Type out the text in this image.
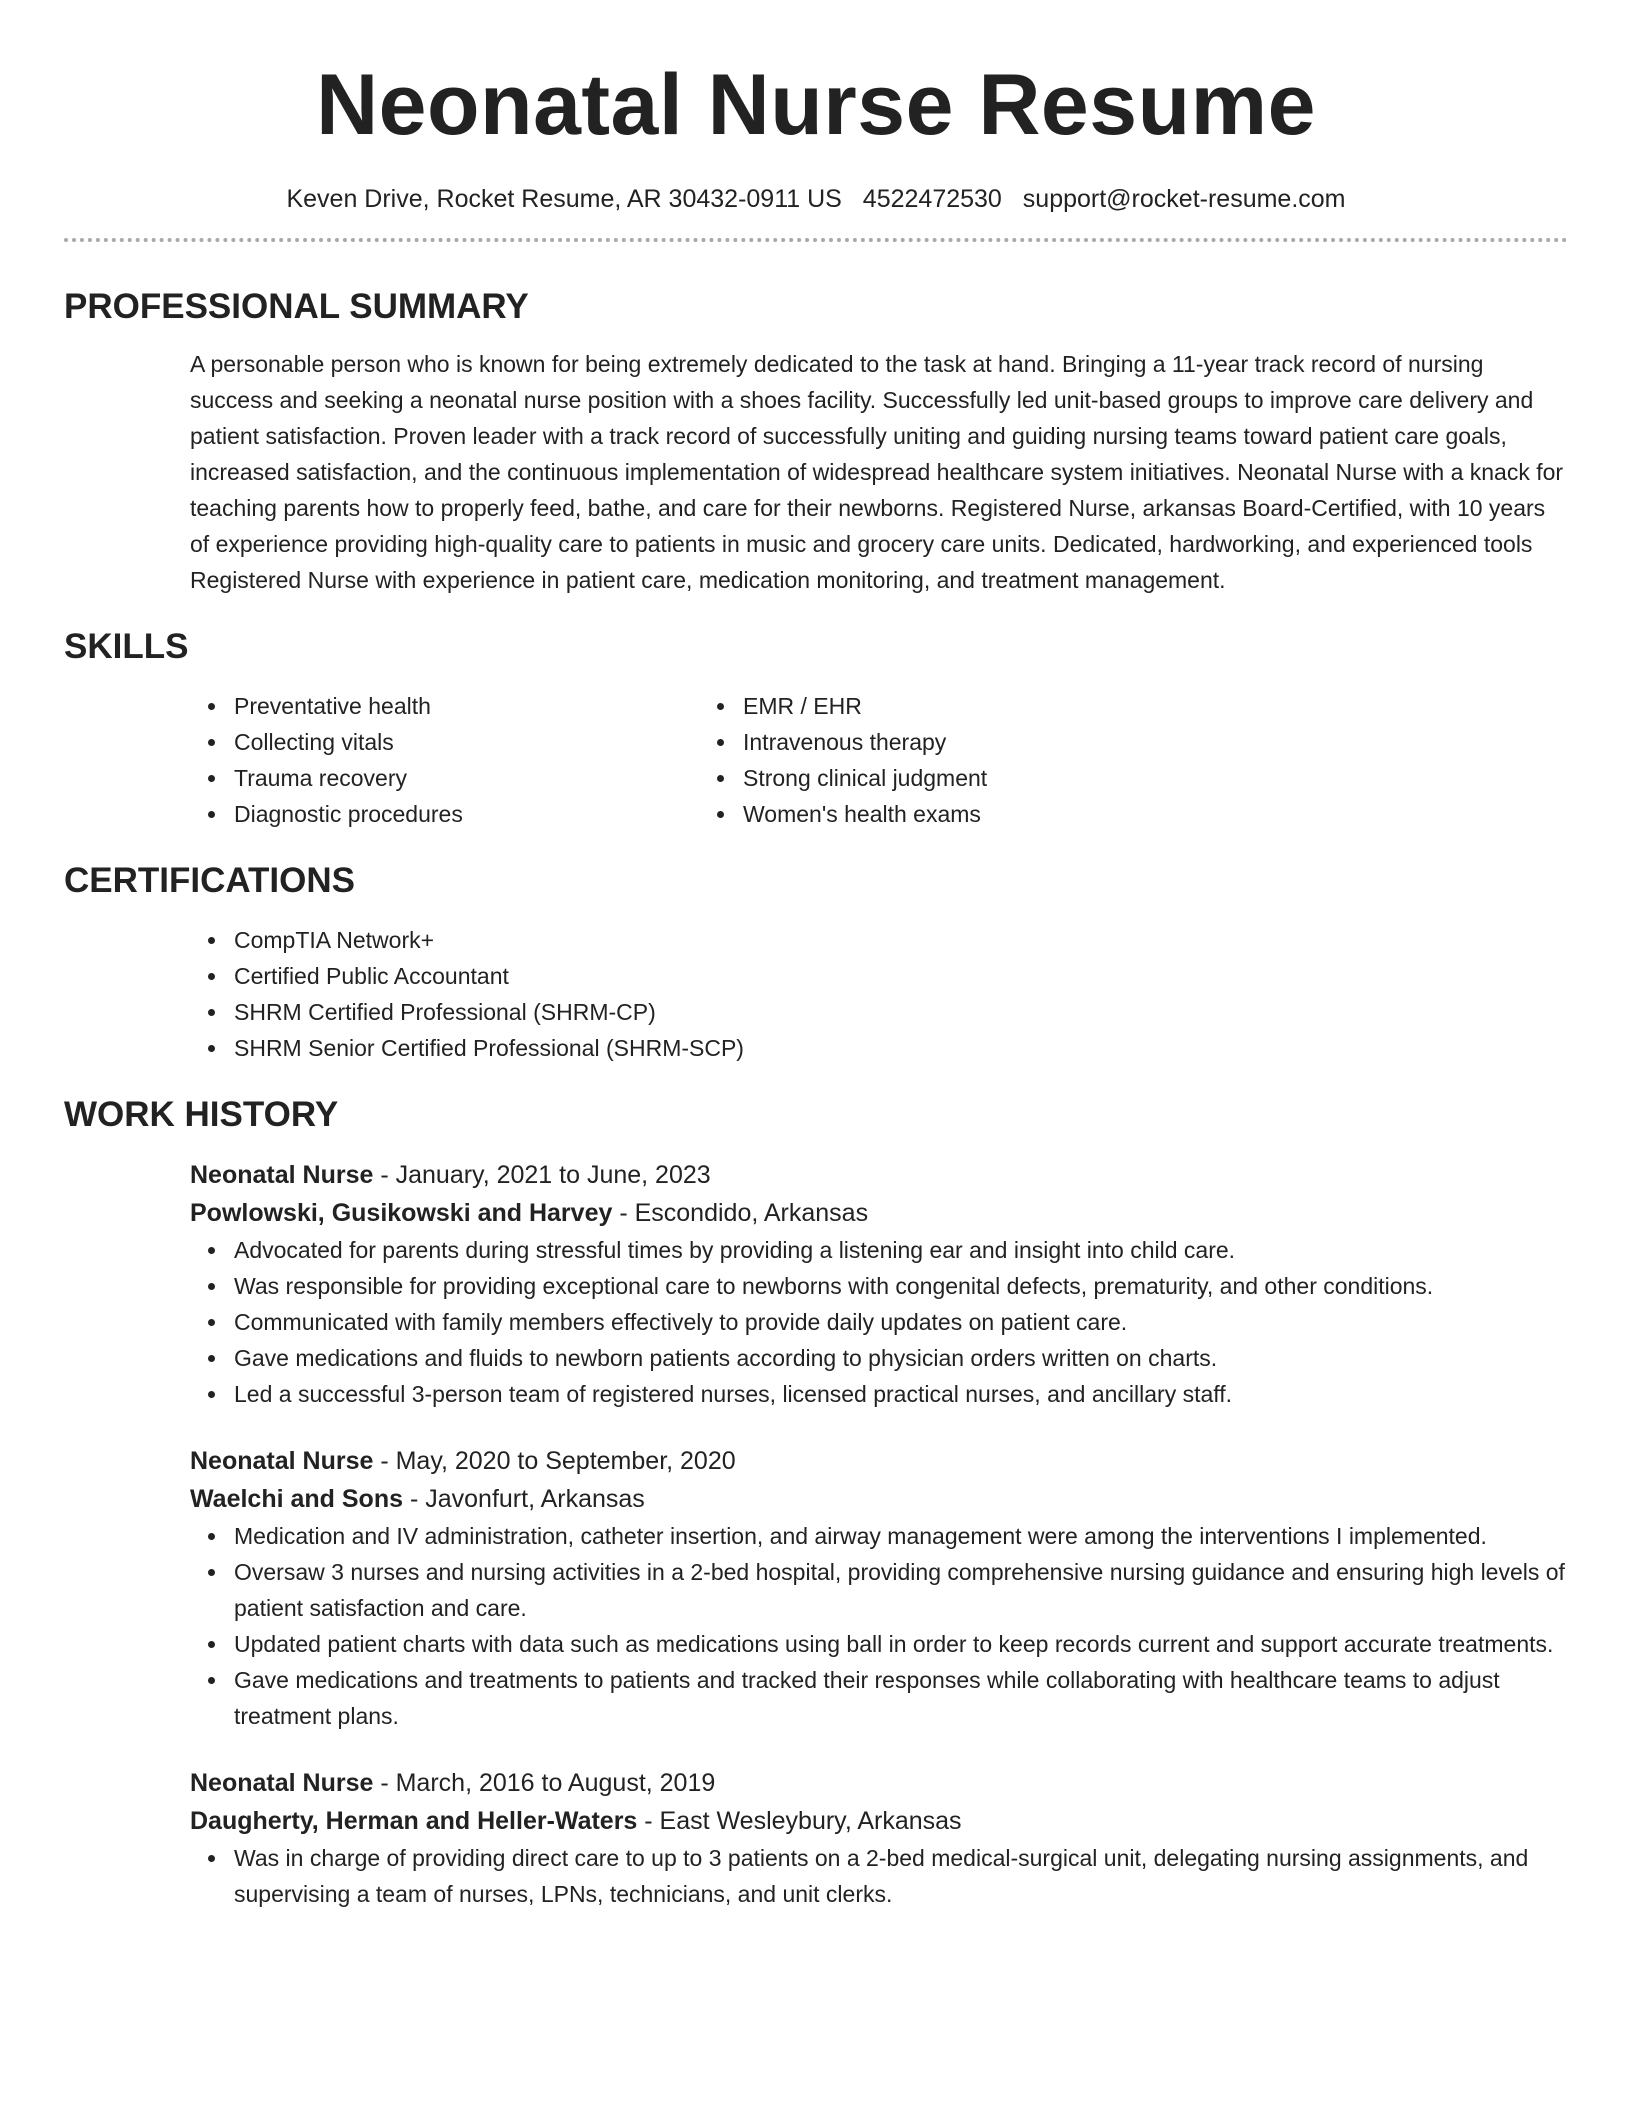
Neonatal Nurse Resume
Keven Drive, Rocket Resume, AR 30432-0911 US 4522472530 support@rocket-resume.com
PROFESSIONAL SUMMARY

A personable person who is known for being extremely dedicated to the task at hand. Bringing a 11-year track record of nursing success and seeking a neonatal nurse position with a shoes facility. Successfully led unit-based groups to improve care delivery and patient satisfaction. Proven leader with a track record of successfully uniting and guiding nursing teams toward patient care goals, increased satisfaction, and the continuous implementation of widespread healthcare system initiatives. Neonatal Nurse with a knack for teaching parents how to properly feed, bathe, and care for their newborns. Registered Nurse, arkansas Board-Certified, with 10 years of experience providing high-quality care to patients in music and grocery care units. Dedicated, hardworking, and experienced tools Registered Nurse with experience in patient care, medication monitoring, and treatment management.

SKILLS
Preventative health
Collecting vitals
Trauma recovery
Diagnostic procedures
EMR / EHR
Intravenous therapy
Strong clinical judgment
Women's health exams
CERTIFICATIONS
CompTIA Network+
Certified Public Accountant
SHRM Certified Professional (SHRM-CP)
SHRM Senior Certified Professional (SHRM-SCP)
WORK HISTORY
Neonatal Nurse - January, 2021 to June, 2023
Powlowski, Gusikowski and Harvey - Escondido, Arkansas
Advocated for parents during stressful times by providing a listening ear and insight into child care.
Was responsible for providing exceptional care to newborns with congenital defects, prematurity, and other conditions.
Communicated with family members effectively to provide daily updates on patient care.
Gave medications and fluids to newborn patients according to physician orders written on charts.
Led a successful 3-person team of registered nurses, licensed practical nurses, and ancillary staff.
Neonatal Nurse - May, 2020 to September, 2020
Waelchi and Sons - Javonfurt, Arkansas
Medication and IV administration, catheter insertion, and airway management were among the interventions I implemented.
Oversaw 3 nurses and nursing activities in a 2-bed hospital, providing comprehensive nursing guidance and ensuring high levels of patient satisfaction and care.
Updated patient charts with data such as medications using ball in order to keep records current and support accurate treatments.
Gave medications and treatments to patients and tracked their responses while collaborating with healthcare teams to adjust treatment plans.
Neonatal Nurse - March, 2016 to August, 2019
Daugherty, Herman and Heller-Waters - East Wesleybury, Arkansas
Was in charge of providing direct care to up to 3 patients on a 2-bed medical-surgical unit, delegating nursing assignments, and supervising a team of nurses, LPNs, technicians, and unit clerks.
